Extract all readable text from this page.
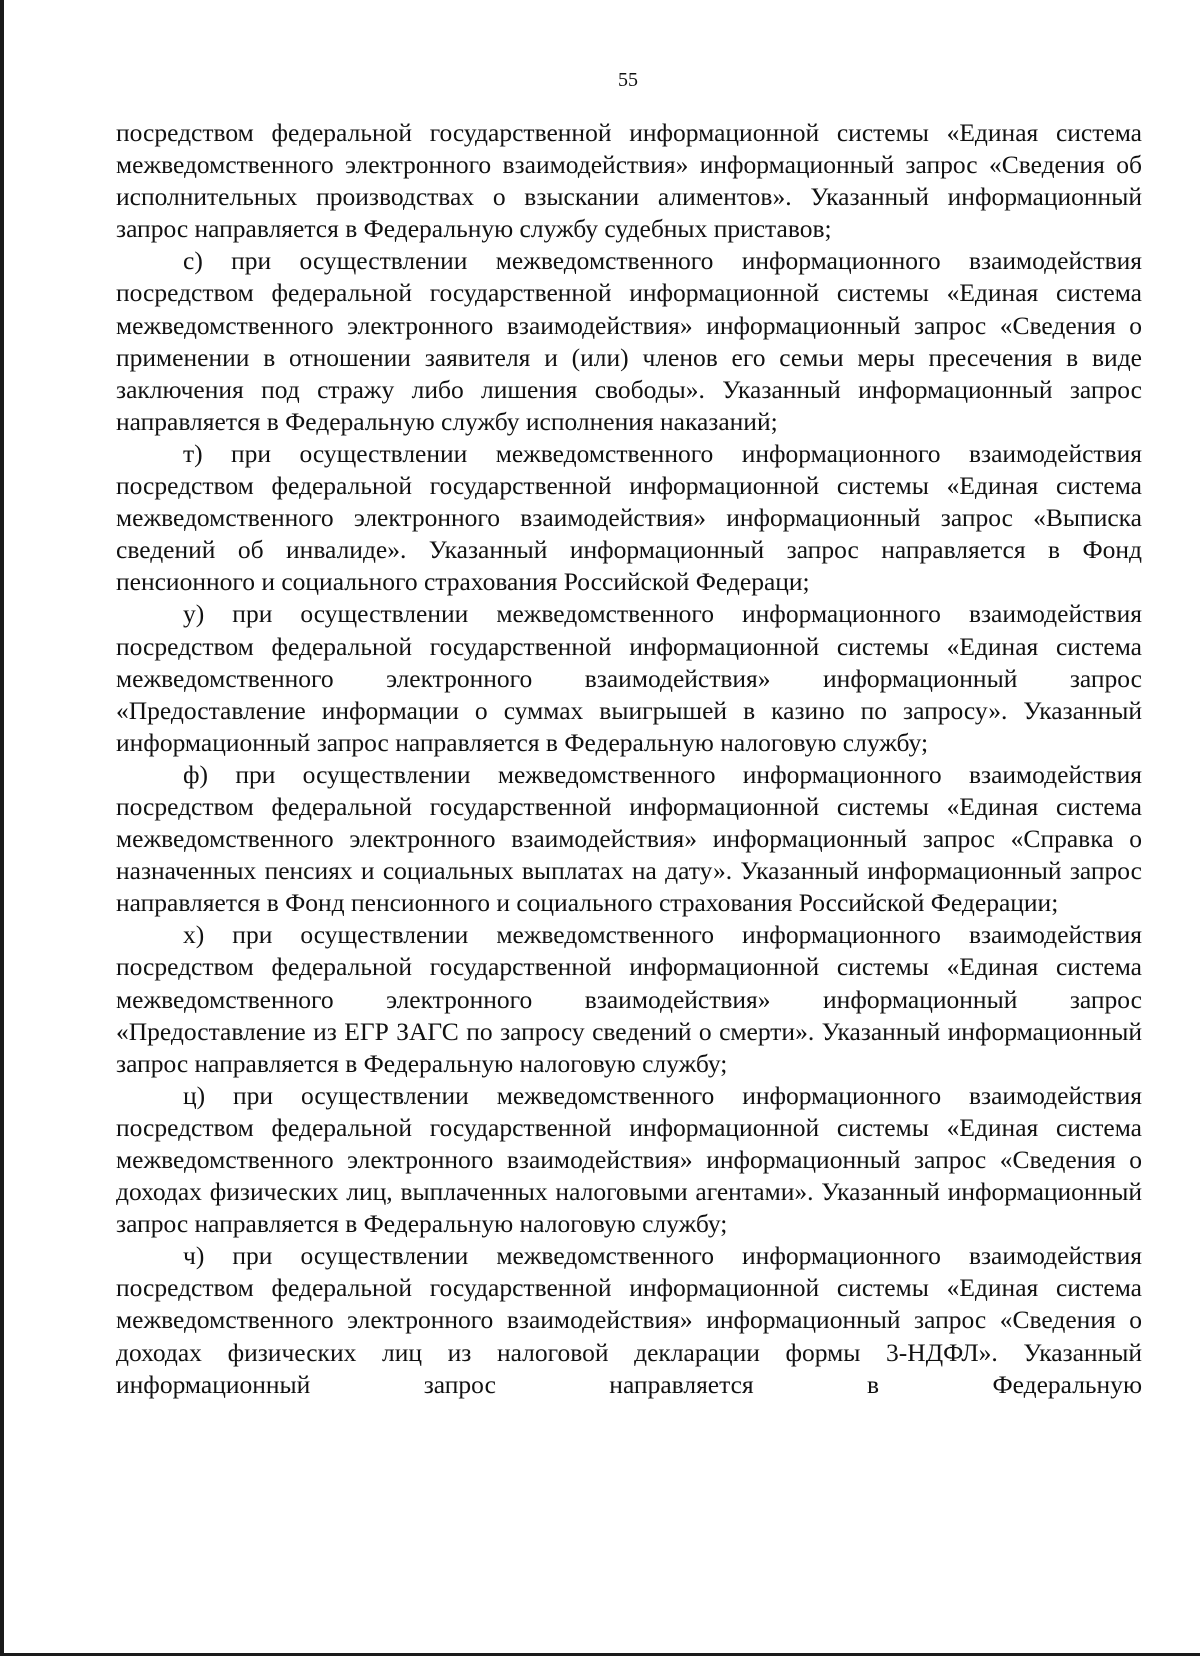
55

посредством федеральной государственной информационной системы «Единая система межведомственного электронного взаимодействия» информационный запрос «Сведения об исполнительных производствах о взыскании алиментов». Указанный информационный запрос направляется в Федеральную службу судебных приставов;

с) при осуществлении межведомственного информационного взаимодействия посредством федеральной государственной информационной системы «Единая система межведомственного электронного взаимодействия» информационный запрос «Сведения о применении в отношении заявителя и (или) членов его семьи меры пресечения в виде заключения под стражу либо лишения свободы». Указанный информационный запрос направляется в Федеральную службу исполнения наказаний;

т) при осуществлении межведомственного информационного взаимодействия посредством федеральной государственной информационной системы «Единая система межведомственного электронного взаимодействия» информационный запрос «Выписка сведений об инвалиде». Указанный информационный запрос направляется в Фонд пенсионного и социального страхования Российской Федераци;

у) при осуществлении межведомственного информационного взаимодействия посредством федеральной государственной информационной системы «Единая система межведомственного электронного взаимодействия» информационный запрос «Предоставление информации о суммах выигрышей в казино по запросу». Указанный информационный запрос направляется в Федеральную налоговую службу;

ф) при осуществлении межведомственного информационного взаимодействия посредством федеральной государственной информационной системы «Единая система межведомственного электронного взаимодействия» информационный запрос «Справка о назначенных пенсиях и социальных выплатах на дату». Указанный информационный запрос направляется в Фонд пенсионного и социального страхования Российской Федерации;

х) при осуществлении межведомственного информационного взаимодействия посредством федеральной государственной информационной системы «Единая система межведомственного электронного взаимодействия» информационный запрос «Предоставление из ЕГР ЗАГС по запросу сведений о смерти». Указанный информационный запрос направляется в Федеральную налоговую службу;

ц) при осуществлении межведомственного информационного взаимодействия посредством федеральной государственной информационной системы «Единая система межведомственного электронного взаимодействия» информационный запрос «Сведения о доходах физических лиц, выплаченных налоговыми агентами». Указанный информационный запрос направляется в Федеральную налоговую службу;

ч) при осуществлении межведомственного информационного взаимодействия посредством федеральной государственной информационной системы «Единая система межведомственного электронного взаимодействия» информационный запрос «Сведения о доходах физических лиц из налоговой декларации формы 3-НДФЛ». Указанный информационный запрос направляется в Федеральную
